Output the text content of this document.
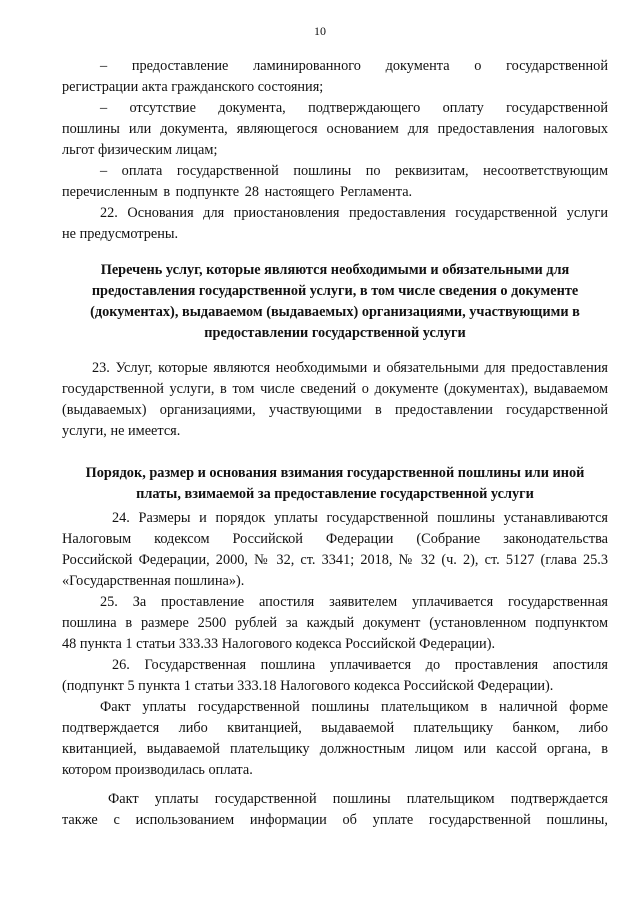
10
– предоставление ламинированного документа о государственной
регистрации акта гражданского состояния;
– отсутствие документа, подтверждающего оплату государственной
пошлины или документа, являющегося основанием для предоставления налоговых
льгот физическим лицам;
– оплата государственной пошлины по реквизитам, несоответствующим
перечисленным в подпункте 28 настоящего Регламента.
22. Основания для приостановления предоставления государственной услуги
не предусмотрены.
Перечень услуг, которые являются необходимыми и обязательными для
предоставления государственной услуги, в том числе сведения о документе
(документах), выдаваемом (выдаваемых) организациями, участвующими в
предоставлении государственной услуги
23. Услуг, которые являются необходимыми и обязательными для предоставления
государственной услуги, в том числе сведений о документе (документах), выдаваемом
(выдаваемых) организациями, участвующими в предоставлении государственной
услуги, не имеется.
Порядок, размер и основания взимания государственной пошлины или иной
платы, взимаемой за предоставление государственной услуги
24. Размеры и порядок уплаты государственной пошлины устанавливаются
Налоговым кодексом Российской Федерации (Собрание законодательства
Российской Федерации, 2000, № 32, ст. 3341; 2018, № 32 (ч. 2), ст. 5127 (глава 25.3
«Государственная пошлина»).
25. За проставление апостиля заявителем уплачивается государственная
пошлина в размере 2500 рублей за каждый документ (установленном подпунктом
48 пункта 1 статьи 333.33 Налогового кодекса Российской Федерации).
26. Государственная пошлина уплачивается до проставления апостиля
(подпункт 5 пункта 1 статьи 333.18 Налогового кодекса Российской Федерации).
Факт уплаты государственной пошлины плательщиком в наличной форме
подтверждается либо квитанцией, выдаваемой плательщику банком, либо
квитанцией, выдаваемой плательщику должностным лицом или кассой органа, в
котором производилась оплата.
Факт уплаты государственной пошлины плательщиком подтверждается
также с использованием информации об уплате государственной пошлины,
